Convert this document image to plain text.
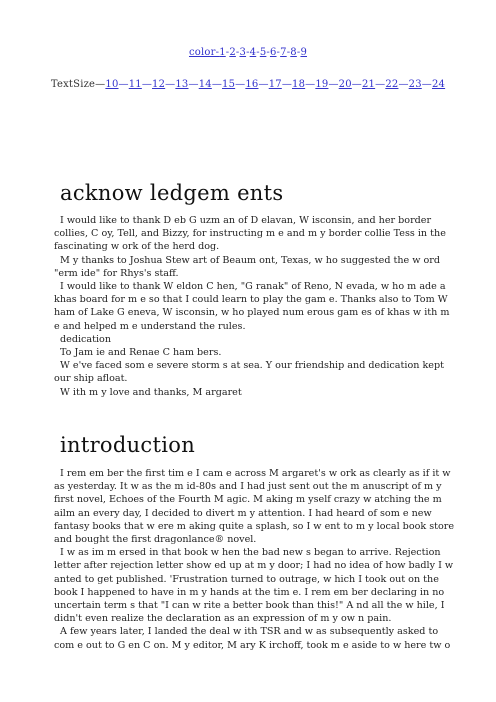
color-1-2-3-4-5-6-7-8-9
TextSize—10—11—12—13—14—15—16—17—18—19—20—21—22—23—24
acknow ledgem ents

I would like to thank D eb G uzm an of D elavan, W isconsin, and her border collies, C oy, Tell, and Bizzy, for instructing m e and m y border collie Tess in the fascinating w ork of the herd dog.

M y thanks to Joshua Stew art of Beaum ont, Texas, w ho suggested the w ord "erm ide" for Rhys's staff.

I would like to thank W eldon C hen, "G ranak" of Reno, N evada, w ho m ade a khas board for m e so that I could learn to play the gam e. Thanks also to Tom W ham of Lake G eneva, W isconsin, w ho played num erous gam es of khas w ith m e and helped m e understand the rules.

dedication

To Jam ie and Renae C ham bers.

W e've faced som e severe storm s at sea. Y our friendship and dedication kept our ship afloat.

W ith m y love and thanks, M argaret

introduction

I rem em ber the first tim e I cam e across M argaret's w ork as clearly as if it w as yesterday. It w as the m id-80s and I had just sent out the m anuscript of m y first novel, Echoes of the Fourth M agic. M aking m yself crazy w atching the m ailm an every day, I decided to divert m y attention. I had heard of som e new fantasy books that w ere m aking quite a splash, so I w ent to m y local book store and bought the first dragonlance® novel.

I w as im m ersed in that book w hen the bad new s began to arrive. Rejection letter after rejection letter show ed up at m y door; I had no idea of how badly I w anted to get published. 'Frustration turned to outrage, w hich I took out on the book I happened to have in m y hands at the tim e. I rem em ber declaring in no uncertain term s that "I can w rite a better book than this!" A nd all the w hile, I didn't even realize the declaration as an expression of m y ow n pain.

A few years later, I landed the deal w ith TSR and w as subsequently asked to com e out to G en C on. M y editor, M ary K irchoff, took m e aside to w here tw o
